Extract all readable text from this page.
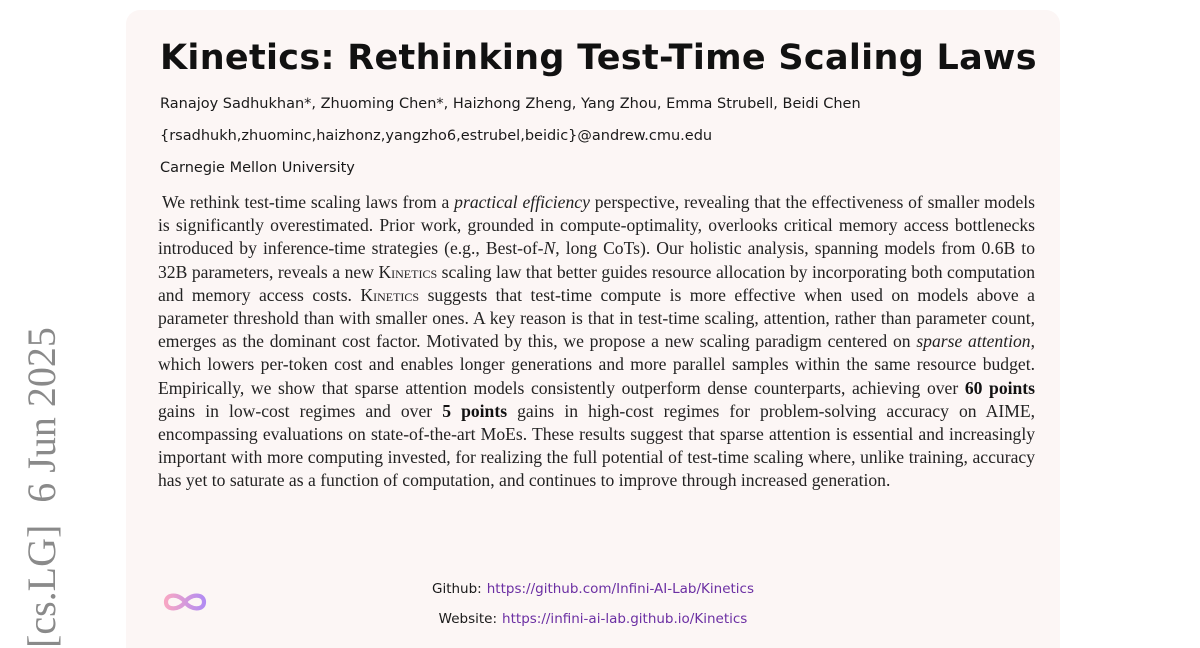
[cs.LG]6 Jun 2025
Kinetics: Rethinking Test-Time Scaling Laws
Ranajoy Sadhukhan*, Zhuoming Chen*, Haizhong Zheng, Yang Zhou, Emma Strubell, Beidi Chen
{rsadhukh,zhuominc,haizhonz,yangzho6,estrubel,beidic}@andrew.cmu.edu
Carnegie Mellon University

We rethink test-time scaling laws from a practical efficiency perspective, revealing that the effectiveness of smaller models is significantly overestimated. Prior work, grounded in compute-optimality, overlooks critical memory access bottlenecks introduced by inference-time strategies (e.g., Best-of-N, long CoTs). Our holistic analysis, spanning models from 0.6B to 32B parameters, reveals a new Kinetics scaling law that better guides resource allocation by incorporating both computation and memory access costs. Kinetics suggests that test-time compute is more effective when used on models above a parameter threshold than with smaller ones. A key reason is that in test-time scaling, attention, rather than parameter count, emerges as the dominant cost factor. Motivated by this, we propose a new scaling paradigm centered on sparse attention, which lowers per-token cost and enables longer generations and more parallel samples within the same resource budget. Empirically, we show that sparse attention models consistently outperform dense counterparts, achieving over 60 points gains in low-cost regimes and over 5 points gains in high-cost regimes for problem-solving accuracy on AIME, encompassing evaluations on state-of-the-art MoEs. These results suggest that sparse attention is essential and increasingly important with more computing invested, for realizing the full potential of test-time scaling where, unlike training, accuracy has yet to saturate as a function of computation, and continues to improve through increased generation.

Github: https://github.com/Infini-AI-Lab/Kinetics
Website: https://infini-ai-lab.github.io/Kinetics
